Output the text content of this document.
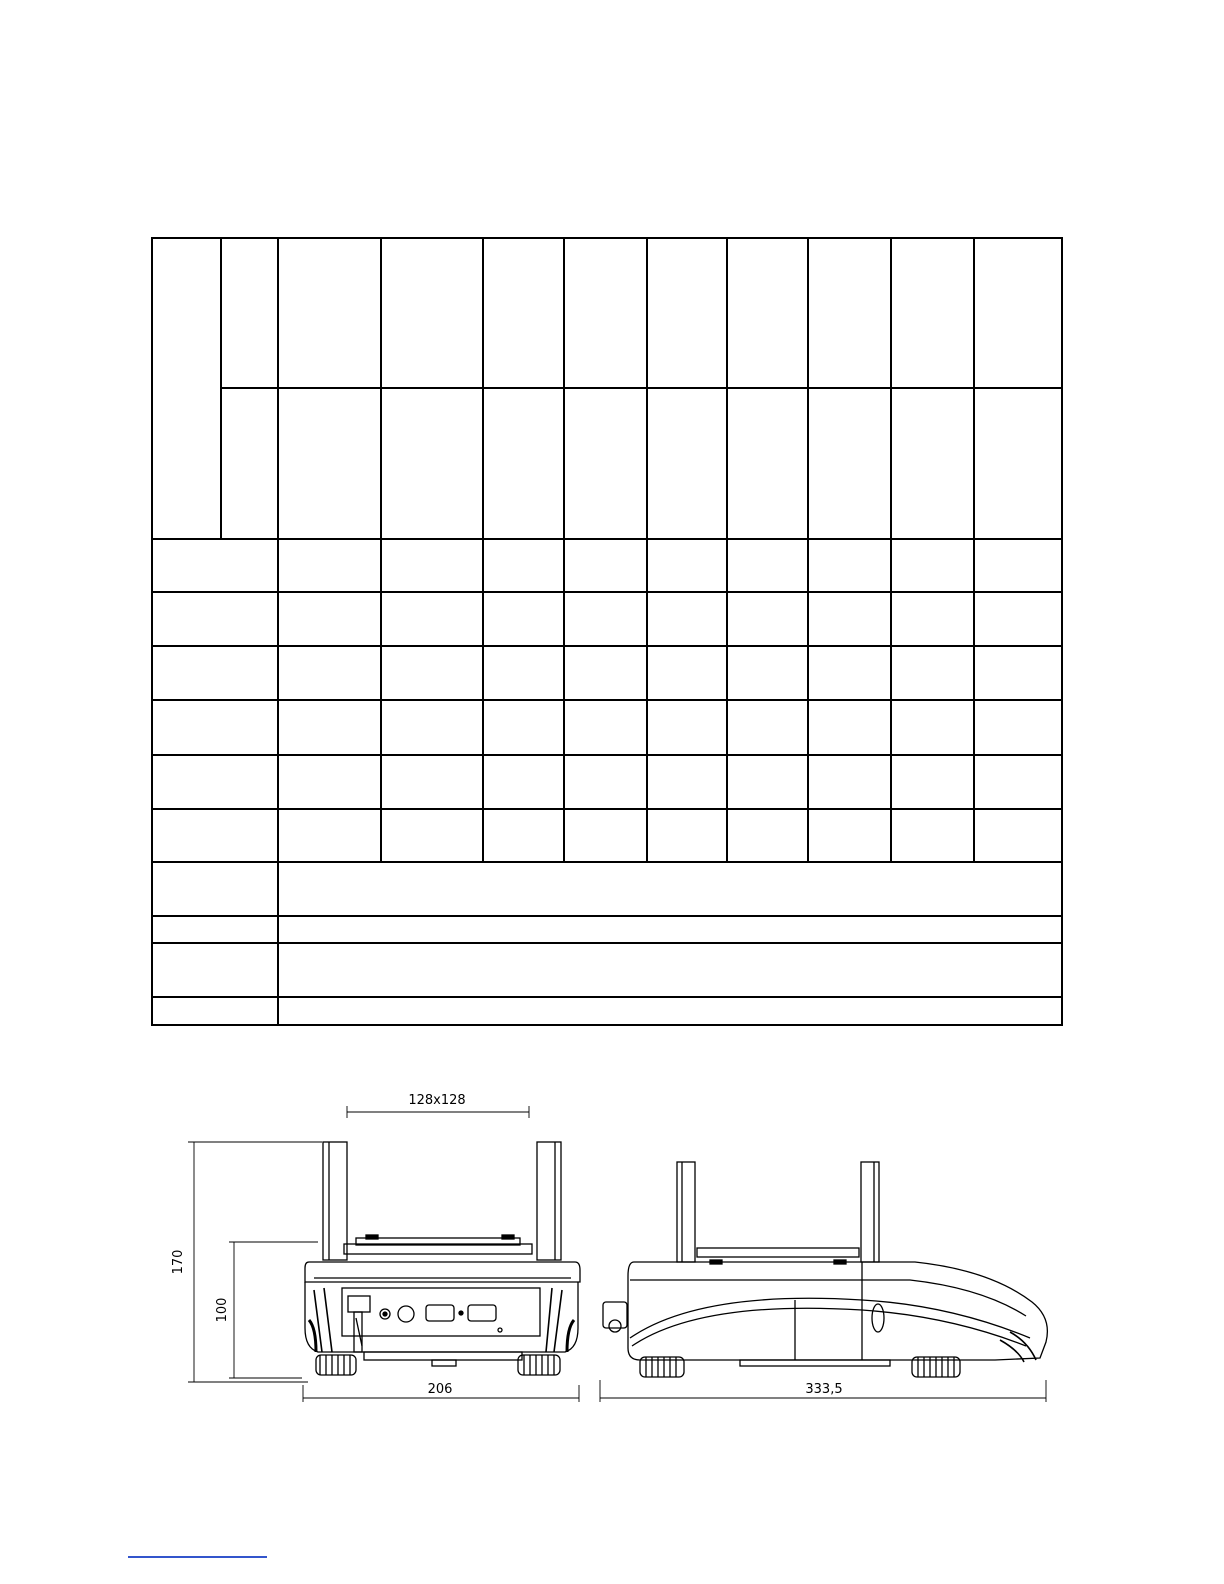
128x128
170
100
206	333,5
